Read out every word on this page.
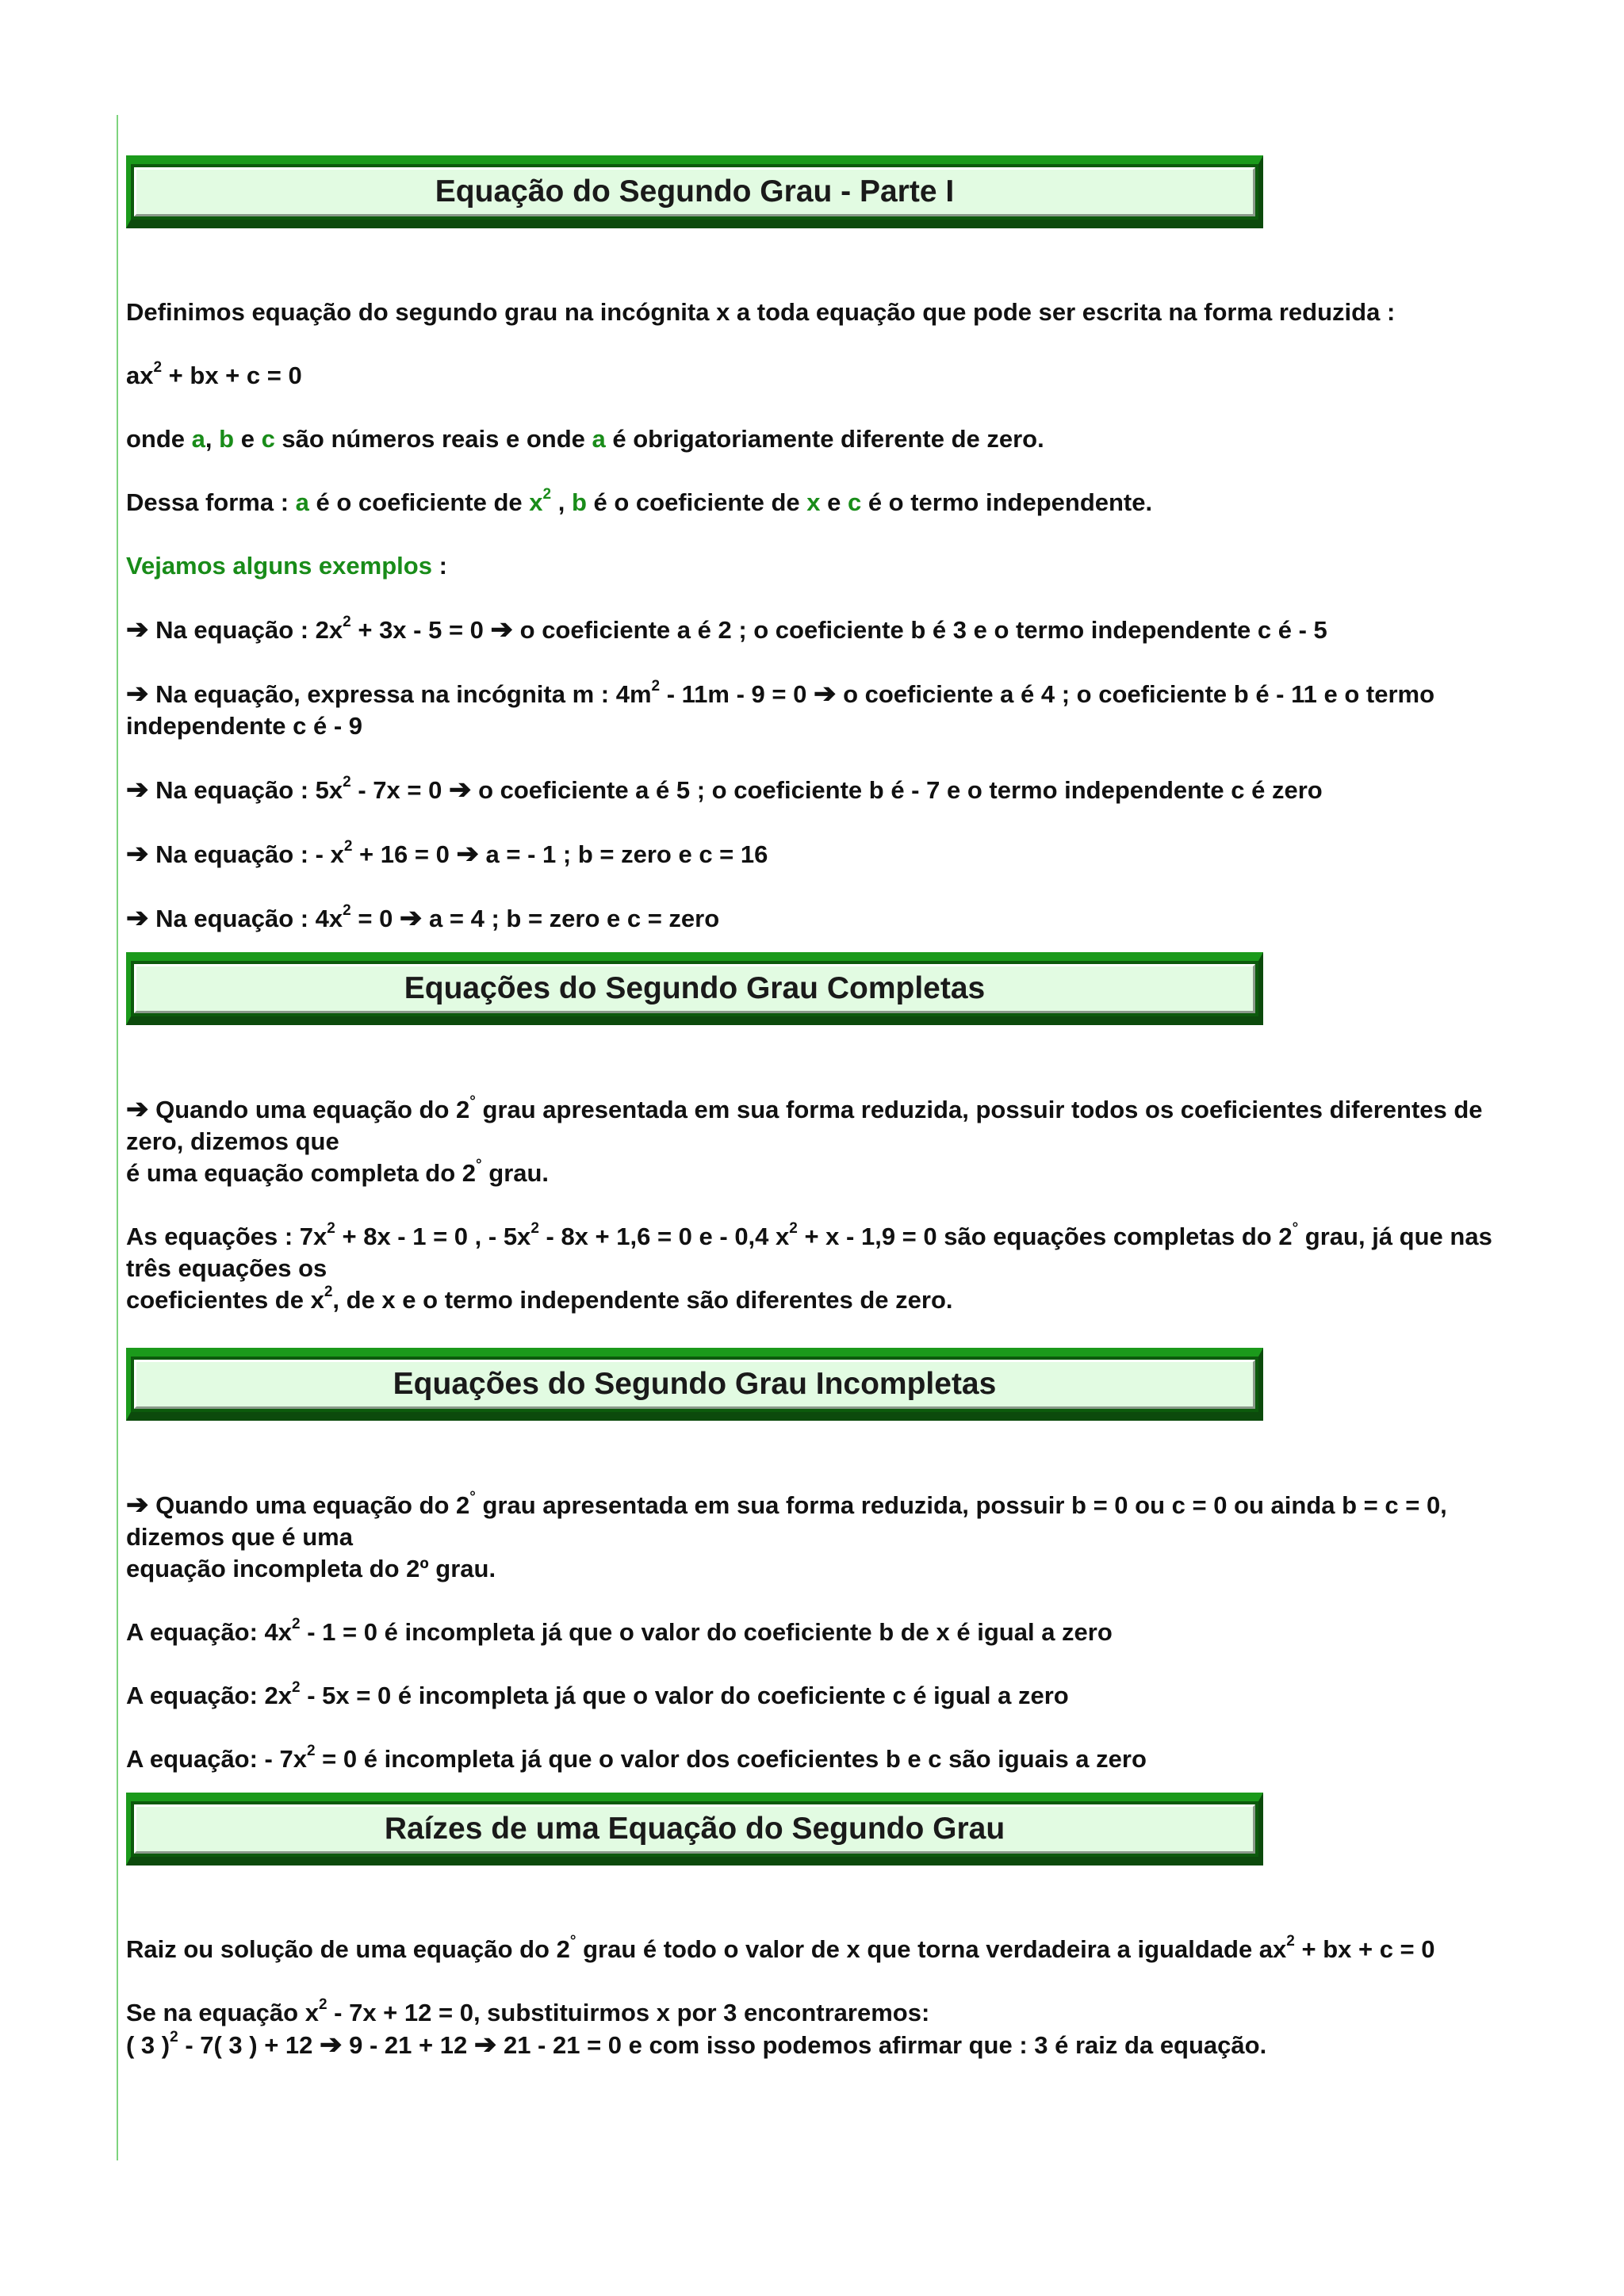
Equação do Segundo Grau - Parte I

Definimos equação do segundo grau na incógnita x a toda equação que pode ser escrita na forma reduzida :

$ax^2$ + bx + c = 0

onde a, b e c são números reais e onde a é obrigatoriamente diferente de zero.

Dessa forma : a é o coeficiente de $x^2$ , b é o coeficiente de x e c é o termo independente.

Vejamos alguns exemplos :

➔ Na equação : $2x^2 + 3x - 5 = 0$ ➔ o coeficiente a é 2 ; o coeficiente b é 3 e o termo independente c é - 5

➔ Na equação, expressa na incógnita m : $4m^2 - 11m - 9 = 0$ ➔ o coeficiente a é 4 ; o coeficiente b é - 11 e o termo independente c é - 9

➔ Na equação : $5x^2 - 7x = 0$ ➔ o coeficiente a é 5 ; o coeficiente b é - 7 e o termo independente c é zero

➔ Na equação : - $x^2 + 16 = 0$ ➔ a = - 1 ; b = zero e c = 16

➔ Na equação : $4x^2 = 0$ ➔ a = 4 ; b = zero e c = zero

Equações do Segundo Grau Completas

➔ Quando uma equação do 2° grau apresentada em sua forma reduzida, possuir todos os coeficientes diferentes de zero, dizemos que
é uma equação completa do 2° grau.

As equações : $7x^2 + 8x - 1 = 0$ , - $5x^2 - 8x + 1,6 = 0$ e - 0,4 $x^2 + x - 1,9 = 0$ são equações completas do 2° grau, já que nas três equações os
coeficientes de $x^2$, de x e o termo independente são diferentes de zero.

Equações do Segundo Grau Incompletas

➔ Quando uma equação do 2° grau apresentada em sua forma reduzida, possuir b = 0 ou c = 0 ou ainda b = c = 0, dizemos que é uma
equação incompleta do 2º grau.

A equação: $4x^2 - 1 = 0$ é incompleta já que o valor do coeficiente b de x é igual a zero

A equação: $2x^2 - 5x = 0$ é incompleta já que o valor do coeficiente c é igual a zero

A equação: - $7x^2 = 0$ é incompleta já que o valor dos coeficientes b e c são iguais a zero

Raízes de uma Equação do Segundo Grau

Raiz ou solução de uma equação do 2° grau é todo o valor de x que torna verdadeira a igualdade $ax^2$ + bx + c = 0

Se na equação $x^2 - 7x + 12 = 0$, substituirmos x por 3 encontraremos:
( 3 )$^2$ - 7( 3 ) + 12 ➔ 9 - 21 + 12 ➔ 21 - 21 = 0 e com isso podemos afirmar que : 3 é raiz da equação.
